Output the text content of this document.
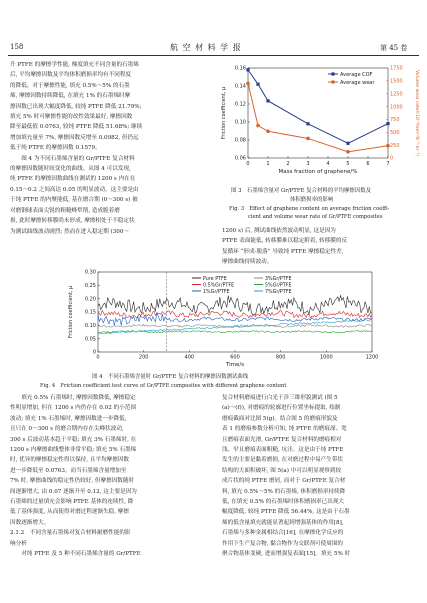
158	航 空 材 料 学 报	第 45 卷

升 PTFE 的摩擦学性能, 梯度填充不同含量的石墨烯

后, 平均摩擦因数及平均体积磨损率均有不同程度

的降低。对于摩擦性能, 填充 0.5%～5% 的石墨

烯, 摩擦因数持续降低, 在填充 1% 的石墨烯时摩

擦因数已出现大幅度降低, 较纯 PTFE 降低 21.79%;

填充 5% 时可摩擦性能的改性效果最好, 摩擦因数

降至最低值 0.0763, 较纯 PTFE 降低 51.68%; 继续

增加填充量至 7%, 摩擦因数反增至 0.0982, 但仍远

低于纯 PTFE 的摩擦因数 0.1579。

　　图 4 为不同石墨烯含量的 Gr/PTFE 复合材料

的摩擦因数随时间变化的曲线。从图 4 可以发现,

纯 PTFE 的摩擦因数曲线在测试的 1200 s 内在在

0.15～0.2 之间高达 0.05 的明显波动。这主要是由

于纯 PTFE 的内聚能低, 基在磨合期 (0～300 s) 被

对磨钢球表面尖锐的粗糙峰犁削, 造成脆着磨

损, 此时摩擦转移膜尚未形成, 摩擦相处于不稳定状

为测试曲线波动剧烈; 然而在进入稳定期 (300～

0	1	2	3	4	5	6	7
0.06
0.08
0.10
0.12
0.14
0.16
0
250
500
750
1000
1250
1500
1750
Mass fraction of graphene/%
Friction coefficient, μ	Volume wear rate/(10⁻⁶mm³·N⁻¹·m⁻¹)
Average COF
Average wear
图 3　石墨烯含量对 Gr/PTFE 复合材料的平均摩擦因数及
体积磨损率的影响
Fig. 3　Effect of graphene content on average friction coeffi-
cient and volume wear rate of Gr/PTFE composites

1200 s) 后, 测试曲线依然波动明显, 这是因为

PTFE 表面能低, 转移膜难以稳定附着, 转移膜的反

复循环 “形成-脱落” 导致纯 PTFE 摩擦稳定性差,

摩擦曲线持续波动。

0	200	400	600	800	1000	1200
0
0.05
0.10
0.15
0.20
0.25
0.30
Time/s
Friction coefficient, μ
Pure PTFE
0.5%Gr/PTFE
1%Gr/PTFE
3%Gr/PTFE
5%Gr/PTFE
7%Gr/PTFE
图 4　不同石墨烯含量时 Gr/PTFE 复合材料的摩擦因数测试曲线
Fig. 4　Friction coefficient test curve of Gr/PTFE composites with different graphene content

　　填充 0.5% 石墨烯时, 摩擦因数降低, 摩擦稳定

性明显增加, 但在 1200 s 内仍存在 0.02 的小范围

波动; 填充 1% 石墨烯时, 摩擦因数进一步降低,

且只在 0～300 s 的磨合期内存在尖峰状波动,

300 s 后波动基本趋于平稳; 填充 3% 石墨烯时, 在

1200 s 内摩擦曲线整体非常平稳; 填充 5% 石墨烯

时, 优异的摩擦稳定性得以保持, 且平均摩擦因数

进一步降低至 0.0763。而当石墨烯含量增加至

7% 时, 摩擦曲线的稳定性仍较好, 但摩擦因数随时

间逐渐增大, 由 0.07 逐渐升至 0.12, 这主要是因为

石墨烯的过量填充会影响 PTFE 基体的连续性, 降

低了基体强度, 从而使得对磨过程逐渐失稳, 摩擦

因数逐渐增大。

2.1.2　不同含量石墨烯对复合材料耐磨性能的影

响分析

　　对纯 PTFE 及 5 种不同石墨烯含量的 Gr/PTFE

复合材料磨痕进行白光干涉三维形貌测试 (图 5

(a)～(f)), 对磨痕的轮廓进行位置坐标提取, 绘制

磨痕截面对比图 5(g)。结合图 5 的磨痕形貌及

表 1 的磨痕参数分析可知, 纯 PTFE 的磨痕深、宽

且磨痕表面光滑, Gr/PTFE 复合材料的磨痕相对

浅、窄且磨痕表面粗糙, 坑洼。这是由于纯 PTFE

发生的主要是黏着磨损, 在对磨过程中易产生带状

结构的大面积破坏, 图 5(a) 中可以明显观察到较

成片状的纯 PTFE 磨屑, 而对于 Gr/PTFE 复合材

料, 填充 0.5%～5% 的石墨烯, 体积磨损率持续降

低, 在填充 0.5% 的石墨烯时体积磨损率已出现大

幅度降低, 较纯 PTFE 降低 56.44%, 这是由于石墨

烯的低含量填充就能显著起到增强基体的作用[8],

石墨烯与多种金属相结合[16], 在摩擦化学反应的

作用下生产复合物, 黏合物作为交联剂可使周围的

聚合物基体变硬, 进而增强复表面[15]。填充 5% 时
